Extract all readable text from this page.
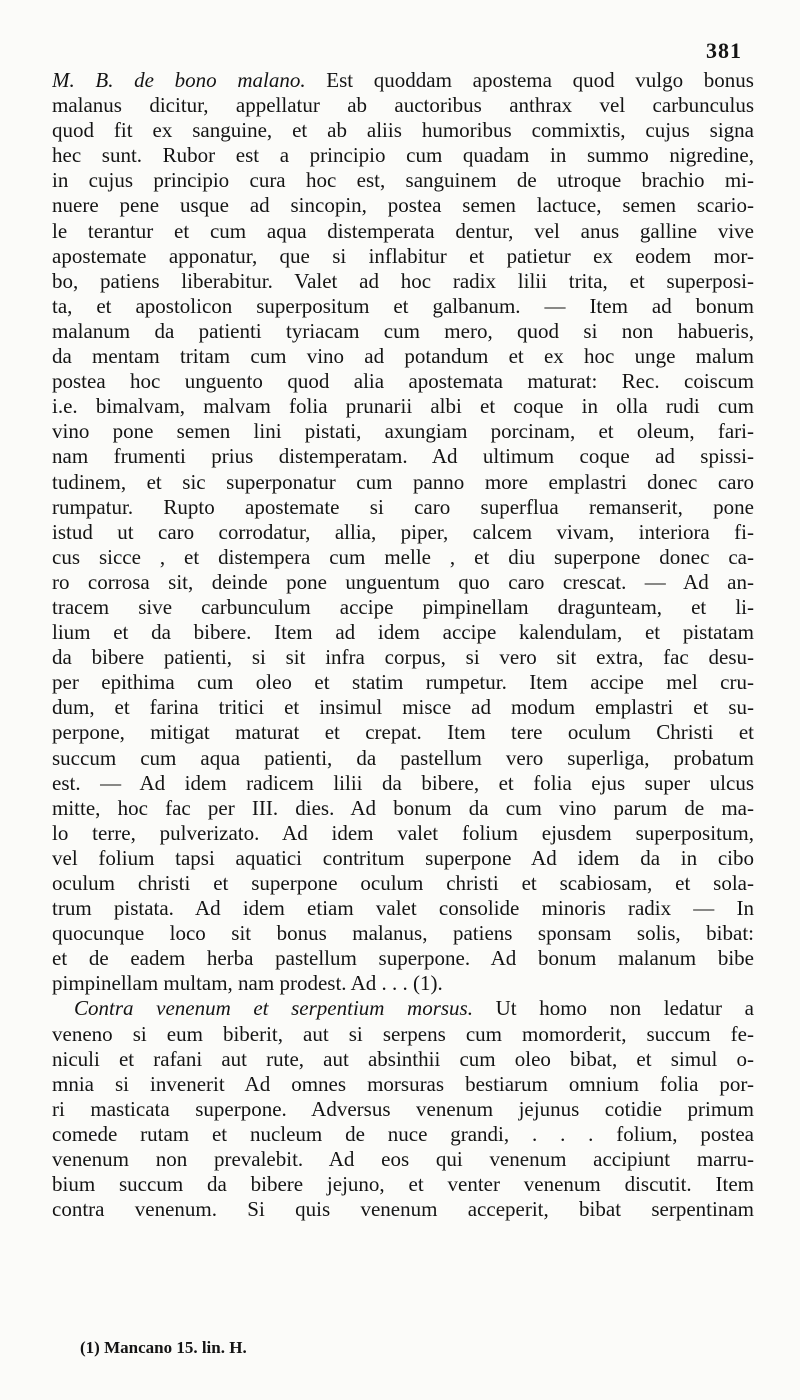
381
M. B. de bono malano. Est quoddam apostema quod vulgo bonus
malanus dicitur, appellatur ab auctoribus anthrax vel carbunculus
quod fit ex sanguine, et ab aliis humoribus commixtis, cujus signa
hec sunt. Rubor est a principio cum quadam in summo nigredine,
in cujus principio cura hoc est, sanguinem de utroque brachio mi-
nuere pene usque ad sincopin, postea semen lactuce, semen scario-
le terantur et cum aqua distemperata dentur, vel anus galline vive
apostemate apponatur, que si inflabitur et patietur ex eodem mor-
bo, patiens liberabitur. Valet ad hoc radix lilii trita, et superposi-
ta, et apostolicon superpositum et galbanum. — Item ad bonum
malanum da patienti tyriacam cum mero, quod si non habueris,
da mentam tritam cum vino ad potandum et ex hoc unge malum
postea hoc unguento quod alia apostemata maturat: Rec. coiscum
i.e. bimalvam, malvam folia prunarii albi et coque in olla rudi cum
vino pone semen lini pistati, axungiam porcinam, et oleum, fari-
nam frumenti prius distemperatam. Ad ultimum coque ad spissi-
tudinem, et sic superponatur cum panno more emplastri donec caro
rumpatur. Rupto apostemate si caro superflua remanserit, pone
istud ut caro corrodatur, allia, piper, calcem vivam, interiora fi-
cus sicce , et distempera cum melle , et diu superpone donec ca-
ro corrosa sit, deinde pone unguentum quo caro crescat. — Ad an-
tracem sive carbunculum accipe pimpinellam dragunteam, et li-
lium et da bibere. Item ad idem accipe kalendulam, et pistatam
da bibere patienti, si sit infra corpus, si vero sit extra, fac desu-
per epithima cum oleo et statim rumpetur. Item accipe mel cru-
dum, et farina tritici et insimul misce ad modum emplastri et su-
perpone, mitigat maturat et crepat. Item tere oculum Christi et
succum cum aqua patienti, da pastellum vero superliga, probatum
est. — Ad idem radicem lilii da bibere, et folia ejus super ulcus
mitte, hoc fac per III. dies. Ad bonum da cum vino parum de ma-
lo terre, pulverizato. Ad idem valet folium ejusdem superpositum,
vel folium tapsi aquatici contritum superpone Ad idem da in cibo
oculum christi et superpone oculum christi et scabiosam, et sola-
trum pistata. Ad idem etiam valet consolide minoris radix — In
quocunque loco sit bonus malanus, patiens sponsam solis, bibat:
et de eadem herba pastellum superpone. Ad bonum malanum bibe
pimpinellam multam, nam prodest. Ad . . . (1).
Contra venenum et serpentium morsus. Ut homo non ledatur a
veneno si eum biberit, aut si serpens cum momorderit, succum fe-
niculi et rafani aut rute, aut absinthii cum oleo bibat, et simul o-
mnia si invenerit Ad omnes morsuras bestiarum omnium folia por-
ri masticata superpone. Adversus venenum jejunus cotidie primum
comede rutam et nucleum de nuce grandi, . . . folium, postea
venenum non prevalebit. Ad eos qui venenum accipiunt marru-
bium succum da bibere jejuno, et venter venenum discutit. Item
contra venenum. Si quis venenum acceperit, bibat serpentinam
(1) Mancano 15. lin. H.
